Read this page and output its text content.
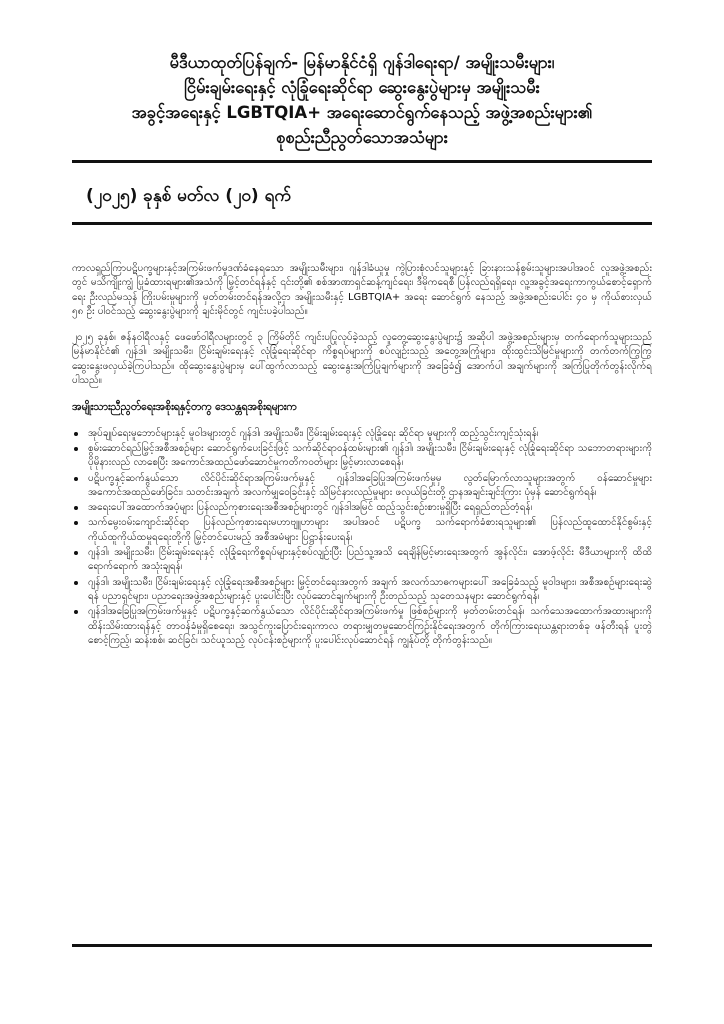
မီဒီယာထုတ်ပြန်ချက်- မြန်မာနိုင်ငံရှိ ဂျန်ဒါရေးရာ/ အမျိုးသမီးများ၊
ငြိမ်းချမ်းရေးနှင့် လုံခြုံရေးဆိုင်ရာ ဆွေးနွေးပွဲများမှ အမျိုးသမီး
အခွင့်အရေးနှင့် LGBTQIA+ အရေးဆောင်ရွက်နေသည့် အဖွဲ့အစည်းများ၏
စုစည်းညီညွတ်သောအသံများ
(၂၀၂၅) ခုနှစ် မတ်လ (၂၀) ရက်

ကာလရှည်ကြာပဋိပက္ခများနှင့်အကြမ်းဖက်မှုဒဏ်ခံနေရသော အမျိုးသမီးများ၊ ဂျန်ဒါခံယူမှု ကွဲပြားစုံလင်သူများနှင့် ခြားနားသန်စွမ်းသူများအပါအဝင် လူအဖွဲ့အစည်းတွင် မသိကျိုးကျွံ ပြုခံထားရများ၏အသံကို မြှင့်တင်ရန်နှင့် ၎င်းတို့၏ စစ်အာဏာရှင်ဆန့်ကျင်ရေး၊ ဒီမိုကရေစီ ပြန်လည်ရရှိရေး၊ လူ့အခွင့်အရေးကာကွယ်စောင့်ရှောက်ရေး ဦးလည်မသုန် ကြိုးပမ်းမှုများကို မှတ်တမ်းတင်ရန်အလို့ငှာ အမျိုးသမီးနှင့် LGBTQIA+ အရေး ဆောင်ရွက် နေသည့် အဖွဲ့အစည်းပေါင်း ၄၀ မှ ကိုယ်စားလှယ် ၅၈ ဦး ပါဝင်သည့် ဆွေးနွေးပွဲများကို ချင်းမိုင်တွင် ကျင်းပခဲ့ပါသည်။

၂၀၂၅ ခုနှစ်၊ ဇန်နဝါရီလနှင့် ဖေဖော်ဝါရီလများတွင် ၃ ကြိမ်တိုင် ကျင်းပပြုလုပ်ခဲ့သည့် လူတွေ့ဆွေးနွေးပွဲများ၌ အဆိုပါ အဖွဲ့အစည်းများမှ တက်ရောက်သူများသည် မြန်မာနိုင်ငံ၏ ဂျန်ဒါ၊ အမျိုးသမီး၊ ငြိမ်းချမ်းရေးနှင့် လုံခြုံရေးဆိုင်ရာ ကိစ္စရပ်များကို စပ်လျဉ်းသည့် အတွေ့အကြုံများ၊ ထိုးထွင်းသိမြင်မှုများကို တက်တက်ကြွကြွ ဆွေးနွေးဖလှယ်ခဲ့ကြပါသည်။ ထိုဆွေးနွေးပွဲများမှ ပေါ်ထွက်လာသည့် ဆွေးနွေးအကြံပြုချက်များကို အခြေခံ၍ အောက်ပါ အချက်များကို အကြံပြုတိုက်တွန်းလိုက်ရပါသည်။

အမျိုးသားညီညွတ်ရေးအစိုးရနှင့်တကွ ဒေသန္တရအစိုးရများက
အုပ်ချုပ်ရေးမူဘောင်များနှင့် မူဝါဒများတွင် ဂျန်ဒါ၊ အမျိုးသမီး၊ ငြိမ်းချမ်းရေးနှင့် လုံခြုံရေး ဆိုင်ရာ မူများကို ထည့်သွင်းကျင့်သုံးရန်၊
စွမ်းဆောင်ရည်မြှင့်အစီအစဉ်များ ဆောင်ရွက်ပေးခြင်းဖြင့် သက်ဆိုင်ရာဝန်ထမ်းများ၏ ဂျန်ဒါ၊ အမျိုးသမီး၊ ငြိမ်းချမ်းရေးနှင့် လုံခြုံရေးဆိုင်ရာ သဘောတရားများကို ပိုမိုနားလည် လာစေပြီး အကောင်အထည်ဖော်ဆောင်မှုကတိကဝတ်များ မြှင့်မားလာစေရန်၊
ပဋိပက္ခနှင့်ဆက်နွယ်သော လိင်ပိုင်းဆိုင်ရာအကြမ်းဖက်မှုနှင့် ဂျန်ဒါအခြေပြုအကြမ်းဖက်မှုမှ လွတ်မြောက်လာသူများအတွက် ဝန်ဆောင်မှုများအကောင်အထည်ဖော်ခြင်း၊ သတင်းအချက် အလက်မျှဝေခြင်းနှင့် သိမြင်နားလည်မှုများ ဖလှယ်ခြင်းတို့ ဌာနအချင်းချင်းကြား ပုံမှန် ဆောင်ရွက်ရန်၊
အရေးပေါ်အထောက်အပံ့များ ပြန်လည်ကုစားရေးအစီအစဉ်များတွင် ဂျန်ဒါအမြင် ထည့်သွင်းစဉ်းစားမှုရှိပြီး ရေရှည်တည်တံ့ရန်၊
သက်မွေးဝမ်းကျောင်းဆိုင်ရာ ပြန်လည်ကုစားရေးမဟာဗျူဟာများ အပါအဝင် ပဋိပက္ခ သက်ရောက်ခံစားရသူများ၏ ပြန်လည်ထူထောင်နိုင်စွမ်းနှင့် ကိုယ်ထူကိုယ်ထမှုရရေးတို့ကို မြှင့်တင်ပေးမည့် အစီအမံများ ပြဋ္ဌာန်းပေးရန်၊
ဂျန်ဒါ၊ အမျိုးသမီး၊ ငြိမ်းချမ်းရေးနှင့် လုံခြုံရေးကိစ္စရပ်များနှင့်စပ်လျဉ်းပြီး ပြည်သူ့အသိ ရေချိန်မြင့်မားရေးအတွက် အွန်လိုင်း၊ အောဖ့်လိုင်း မီဒီယာများကို ထိထိရောက်ရောက် အသုံးချရန်၊
ဂျန်ဒါ၊ အမျိုးသမီး၊ ငြိမ်းချမ်းရေးနှင့် လုံခြုံရေးအစီအစဉ်များ မြှင့်တင်ရေးအတွက် အချက် အလက်သာဓကများပေါ် အခြေခံသည့် မူဝါဒများ၊ အစီအစဉ်များရေးဆွဲရန် ပညာရှင်များ၊ ပညာရေးအဖွဲ့အစည်းများနှင့် ပူးပေါင်းပြီး လုပ်ဆောင်ချက်များကို ဦးတည်သည့် သုတေသနများ ဆောင်ရွက်ရန်၊
ဂျန်ဒါအခြေပြုအကြမ်းဖက်မှုနှင့် ပဋိပက္ခနှင့်ဆက်နွယ်သော လိင်ပိုင်းဆိုင်ရာအကြမ်းဖက်မှု ဖြစ်စဉ်များကို မှတ်တမ်းတင်ရန်၊ သက်သေအထောက်အထားများကို ထိန်းသိမ်းထားရန်နှင့် တာဝန်ခံမှုရှိစေရေး၊ အသွင်ကူးပြောင်းရေးကာလ တရားမျှတမှုဆောင်ကြဉ်းနိုင်ရေးအတွက် တိုက်ကြားရေးယန္တရားတစ်ခု ဖန်တီးရန် ပူးတွဲစောင့်ကြည့်၊ ဆန်းစစ်၊ ဆင်ခြင်၊ သင်ယူသည့် လုပ်ငန်းစဉ်များကို ပူးပေါင်းလုပ်ဆောင်ရန် ကျွန်ုပ်တို့ တိုက်တွန်းသည်။
